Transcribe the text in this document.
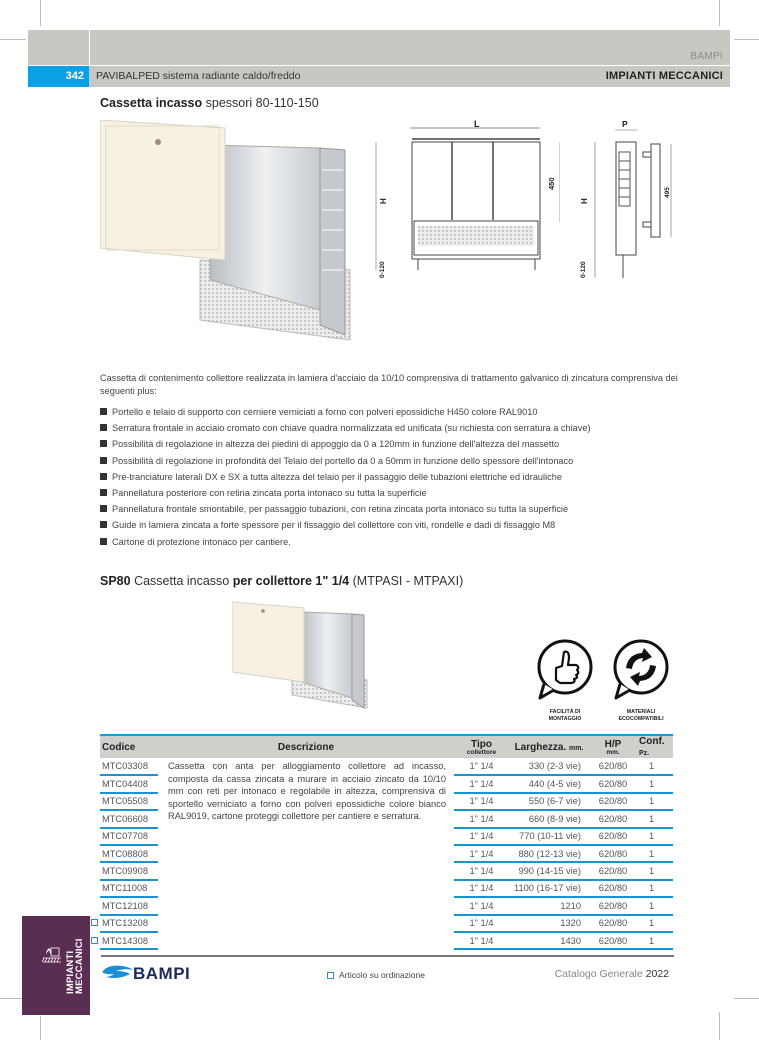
BAMPI
342	PAVIBALPED sistema radiante caldo/freddo	IMPIANTI MECCANICI
Cassetta incasso spessori 80-110-150
L
H
450
0-120
P
H
495
0-120

Cassetta di contenimento collettore realizzata in lamiera d'acciaio da 10/10 comprensiva di trattamento galvanico di zincatura comprensiva dei seguenti plus:

Portello e telaio di supporto con cerniere verniciati a forno con polveri epossidiche H450 colore RAL9010
Serratura frontale in acciaio cromato con chiave quadra normalizzata ed unificata (su richiesta con serratura a chiave)
Possibilità di regolazione in altezza dei piedini di appoggio da 0 a 120mm in funzione dell'altezza del massetto
Possibilità di regolazione in profondità del Telaio del portello da 0 a 50mm in funzione dello spessore dell'intonaco
Pre-tranciature laterali DX e SX a tutta altezza del telaio per il passaggio delle tubazioni elettriche ed idrauliche
Pannellatura posteriore con retina zincata porta intonaco su tutta la superficie
Pannellatura frontale smontabile, per passaggio tubazioni, con retina zincata porta intonaco su tutta la superficie
Guide in lamiera zincata a forte spessore per il fissaggio del collettore con viti, rondelle e dadi di fissaggio M8
Cartone di protezione intonaco per cantiere.
SP80 Cassetta incasso per collettore 1" 1/4 (MTPASI - MTPAXI)
FACILITÀ DI
MONTAGGIO
MATERIALI
ECOCOMPATIBILI
Codice	Descrizione	Tipo
collettore	Larghezza. mm.	H/P
mm.	Conf. Pz.
MTC03308	Cassetta con anta per alloggiamento collettore ad incasso, composta da cassa zincata a murare in acciaio zincato da 10/10 mm con reti per intonaco e regolabile in altezza, comprensiva di sportello verniciato a forno con polveri epossidiche colore bianco RAL9019, cartone proteggi collettore per cantiere e serratura.	1" 1/4	330 (2-3 vie)	620/80	1
MTC04408		1" 1/4	440 (4-5 vie)	620/80	1
MTC05508		1" 1/4	550 (6-7 vie)	620/80	1
MTC06608		1" 1/4	660 (8-9 vie)	620/80	1
MTC07708		1" 1/4	770 (10-11 vie)	620/80	1
MTC08808		1" 1/4	880 (12-13 vie)	620/80	1
MTC09908		1" 1/4	990 (14-15 vie)	620/80	1
MTC11008		1" 1/4	1100 (16-17 vie)	620/80	1
MTC12108		1" 1/4	1210	620/80	1
MTC13208		1" 1/4	1320	620/80	1
MTC14308		1" 1/4	1430	620/80	1
IMPIANTI
MECCANICI	BAMPI	Articolo su ordinazione	Catalogo Generale 2022
